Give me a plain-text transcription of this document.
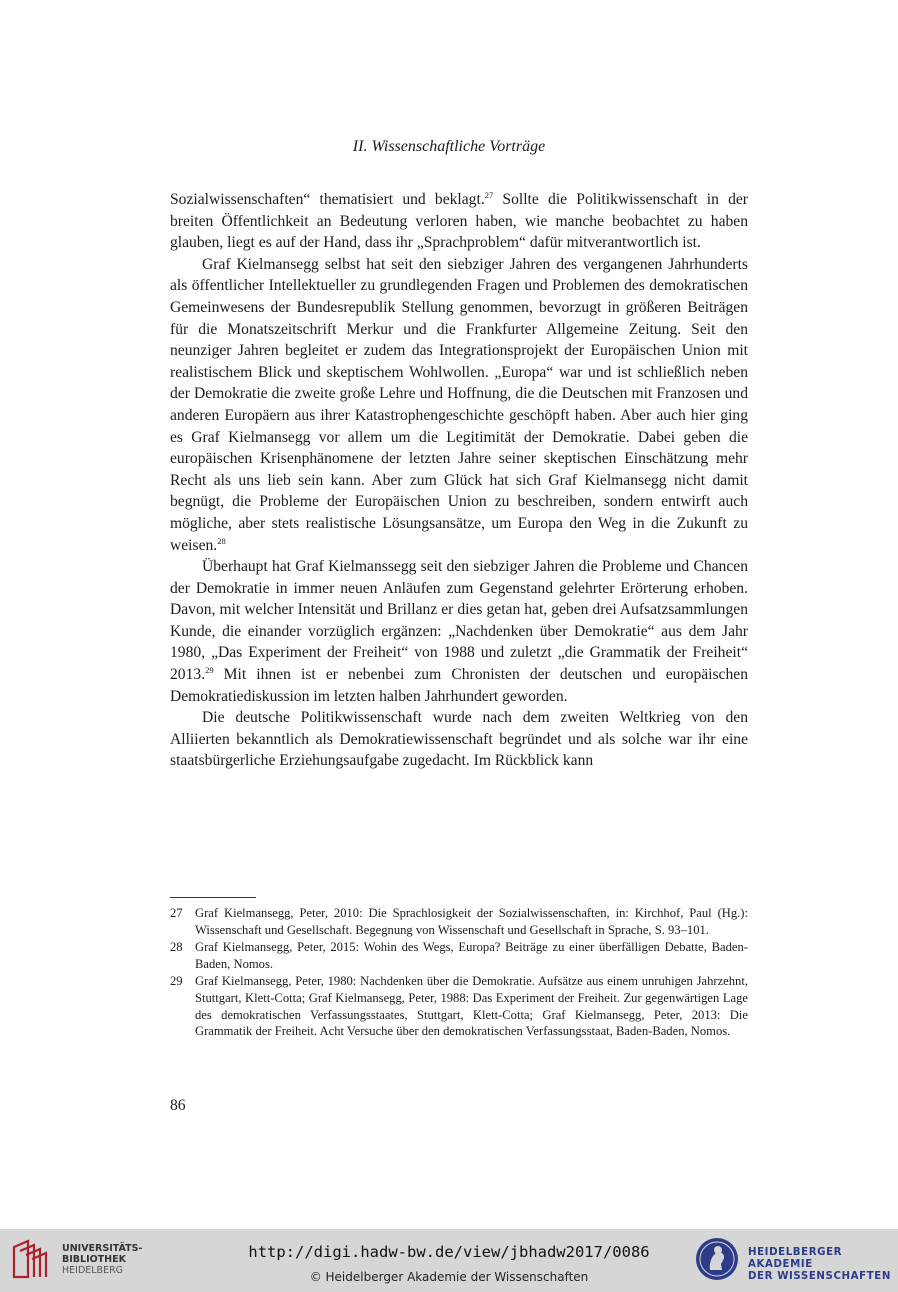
II. Wissenschaftliche Vorträge

Sozialwissenschaften“ thematisiert und beklagt.$^{27}$ Sollte die Politikwissenschaft in der breiten Öffentlichkeit an Bedeutung verloren haben, wie manche beobachtet zu haben glauben, liegt es auf der Hand, dass ihr „Sprachproblem“ dafür mitverantwortlich ist.

Graf Kielmansegg selbst hat seit den siebziger Jahren des vergangenen Jahrhunderts als öffentlicher Intellektueller zu grundlegenden Fragen und Problemen des demokratischen Gemeinwesens der Bundesrepublik Stellung genommen, bevorzugt in größeren Beiträgen für die Monatszeitschrift Merkur und die Frankfurter Allgemeine Zeitung. Seit den neunziger Jahren begleitet er zudem das Integrationsprojekt der Europäischen Union mit realistischem Blick und skeptischem Wohlwollen. „Europa“ war und ist schließlich neben der Demokratie die zweite große Lehre und Hoffnung, die die Deutschen mit Franzosen und anderen Europäern aus ihrer Katastrophengeschichte geschöpft haben. Aber auch hier ging es Graf Kielmansegg vor allem um die Legitimität der Demokratie. Dabei geben die europäischen Krisenphänomene der letzten Jahre seiner skeptischen Einschätzung mehr Recht als uns lieb sein kann. Aber zum Glück hat sich Graf Kielmansegg nicht damit begnügt, die Probleme der Europäischen Union zu beschreiben, sondern entwirft auch mögliche, aber stets realistische Lösungsansätze, um Europa den Weg in die Zukunft zu weisen.$^{28}$

Überhaupt hat Graf Kielmanssegg seit den siebziger Jahren die Probleme und Chancen der Demokratie in immer neuen Anläufen zum Gegenstand gelehrter Erörterung erhoben. Davon, mit welcher Intensität und Brillanz er dies getan hat, geben drei Aufsatzsammlungen Kunde, die einander vorzüglich ergänzen: „Nachdenken über Demokratie“ aus dem Jahr 1980, „Das Experiment der Freiheit“ von 1988 und zuletzt „die Grammatik der Freiheit“ 2013.29 Mit ihnen ist er nebenbei zum Chronisten der deutschen und europäischen Demokratiediskussion im letzten halben Jahrhundert geworden.

Die deutsche Politikwissenschaft wurde nach dem zweiten Weltkrieg von den Alliierten bekanntlich als Demokratiewissenschaft begründet und als solche war ihr eine staatsbürgerliche Erziehungsaufgabe zugedacht. Im Rückblick kann

27 Graf Kielmansegg, Peter, 2010: Die Sprachlosigkeit der Sozialwissenschaften, in: Kirchhof, Paul (Hg.): Wissenschaft und Gesellschaft. Begegnung von Wissenschaft und Gesellschaft in Sprache, S. 93–101.
28 Graf Kielmansegg, Peter, 2015: Wohin des Wegs, Europa? Beiträge zu einer überfälligen Debatte, Baden-Baden, Nomos.
29 Graf Kielmansegg, Peter, 1980: Nachdenken über die Demokratie. Aufsätze aus einem unruhigen Jahrzehnt, Stuttgart, Klett-Cotta; Graf Kielmansegg, Peter, 1988: Das Experiment der Freiheit. Zur gegenwärtigen Lage des demokratischen Verfassungsstaates, Stuttgart, Klett-Cotta; Graf Kielmansegg, Peter, 2013: Die Grammatik der Freiheit. Acht Versuche über den demokratischen Verfassungsstaat, Baden-Baden, Nomos.
86
UNIVERSITÄTS-
BIBLIOTHEK
HEIDELBERG
http://digi.hadw-bw.de/view/jbhadw2017/0086
© Heidelberger Akademie der Wissenschaften
HEIDELBERGER AKADEMIE
DER WISSENSCHAFTEN
